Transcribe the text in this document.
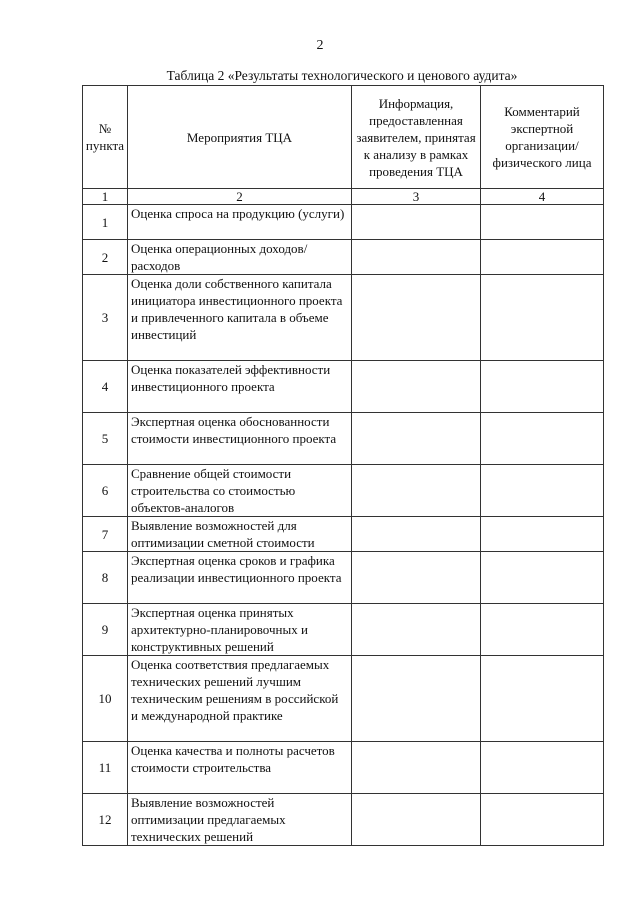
2
Таблица 2 «Результаты технологического и ценового аудита»
№ пункта	Мероприятия ТЦА	Информация, предоставленная заявителем, принятая к анализу в рамках проведения ТЦА	Комментарий экспертной организации/ физического лица
1	2	3	4
1	Оценка спроса на продукцию (услуги)		
2	Оценка операционных доходов/расходов		
3	Оценка доли собственного капитала инициатора инвестиционного проекта и привлеченного капитала в объеме инвестиций		
4	Оценка показателей эффективности инвестиционного проекта		
5	Экспертная оценка обоснованности стоимости инвестиционного проекта		
6	Сравнение общей стоимости строительства со стоимостью объектов-аналогов		
7	Выявление возможностей для оптимизации сметной стоимости		
8	Экспертная оценка сроков и графика реализации инвестиционного проекта		
9	Экспертная оценка принятых архитектурно-планировочных и конструктивных решений		
10	Оценка соответствия предлагаемых технических решений лучшим техническим решениям в российской и международной практике		
11	Оценка качества и полноты расчетов стоимости строительства		
12	Выявление возможностей оптимизации предлагаемых технических решений		
